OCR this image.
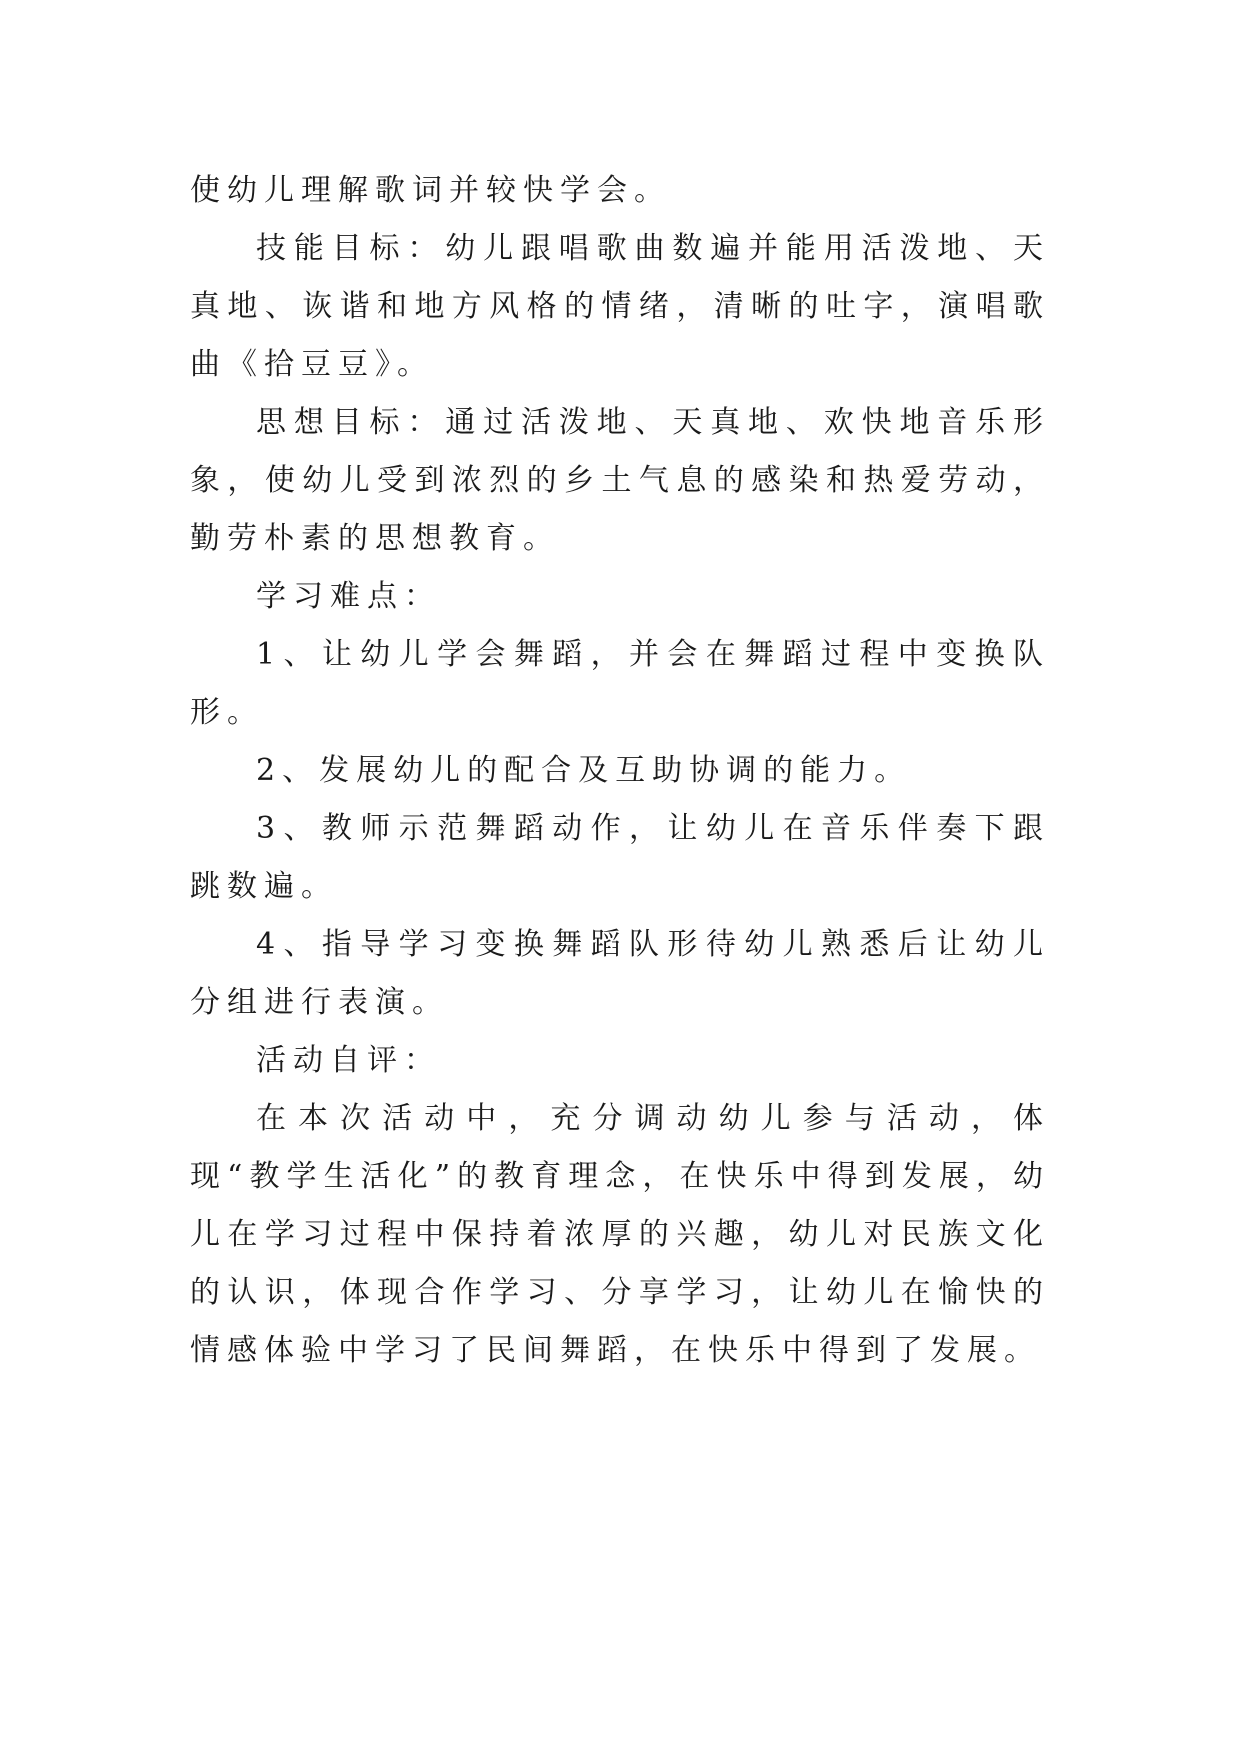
使幼儿理解歌词并较快学会。

技能目标：幼儿跟唱歌曲数遍并能用活泼地、天真地、诙谐和地方风格的情绪，清晰的吐字，演唱歌曲《拾豆豆》。

思想目标：通过活泼地、天真地、欢快地音乐形象，使幼儿受到浓烈的乡土气息的感染和热爱劳动，勤劳朴素的思想教育。

学习难点：

1、让幼儿学会舞蹈，并会在舞蹈过程中变换队形。

2、发展幼儿的配合及互助协调的能力。

3、教师示范舞蹈动作，让幼儿在音乐伴奏下跟跳数遍。

4、指导学习变换舞蹈队形待幼儿熟悉后让幼儿分组进行表演。

活动自评：

在本次活动中，充分调动幼儿参与活动，体现“教学生活化”的教育理念，在快乐中得到发展，幼儿在学习过程中保持着浓厚的兴趣，幼儿对民族文化的认识，体现合作学习、分享学习，让幼儿在愉快的情感体验中学习了民间舞蹈，在快乐中得到了发展。
